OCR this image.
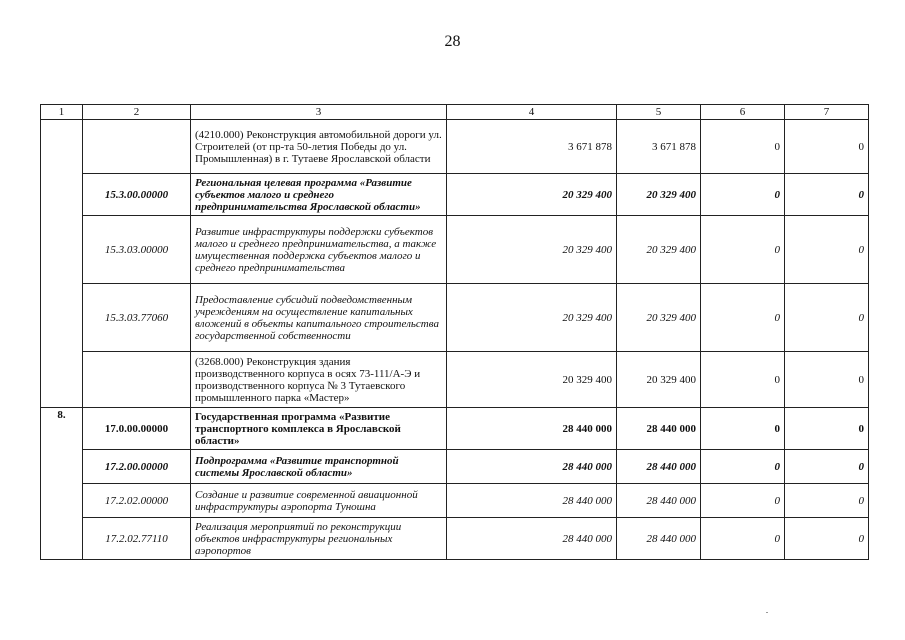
28
1	2	3	4	5	6	7
		(4210.000) Реконструкция автомобильной дороги ул. Строителей (от пр-та 50-летия Победы до ул. Промышленная) в г. Тутаеве Ярославской области	3 671 878	3 671 878	0	0
	15.3.00.00000	Региональная целевая программа «Развитие субъектов малого и среднего предпринимательства Ярославской области»	20 329 400	20 329 400	0	0
	15.3.03.00000	Развитие инфраструктуры поддержки субъектов малого и среднего предпринимательства, а также имущественная поддержка субъектов малого и среднего предпринимательства	20 329 400	20 329 400	0	0
	15.3.03.77060	Предоставление субсидий подведомственным учреждениям на осуществление капитальных вложений в объекты капитального строительства государственной собственности	20 329 400	20 329 400	0	0
		(3268.000) Реконструкция здания производственного корпуса в осях 73-111/А-Э и производственного корпуса № 3 Тутаевского промышленного парка «Мастер»	20 329 400	20 329 400	0	0
8.	17.0.00.00000	Государственная программа «Развитие транспортного комплекса в Ярославской области»	28 440 000	28 440 000	0	0
	17.2.00.00000	Подпрограмма «Развитие транспортной системы Ярославской области»	28 440 000	28 440 000	0	0
	17.2.02.00000	Создание и развитие современной авиационной инфраструктуры аэропорта Туношна	28 440 000	28 440 000	0	0
	17.2.02.77110	Реализация мероприятий по реконструкции объектов инфраструктуры региональных аэропортов	28 440 000	28 440 000	0	0
